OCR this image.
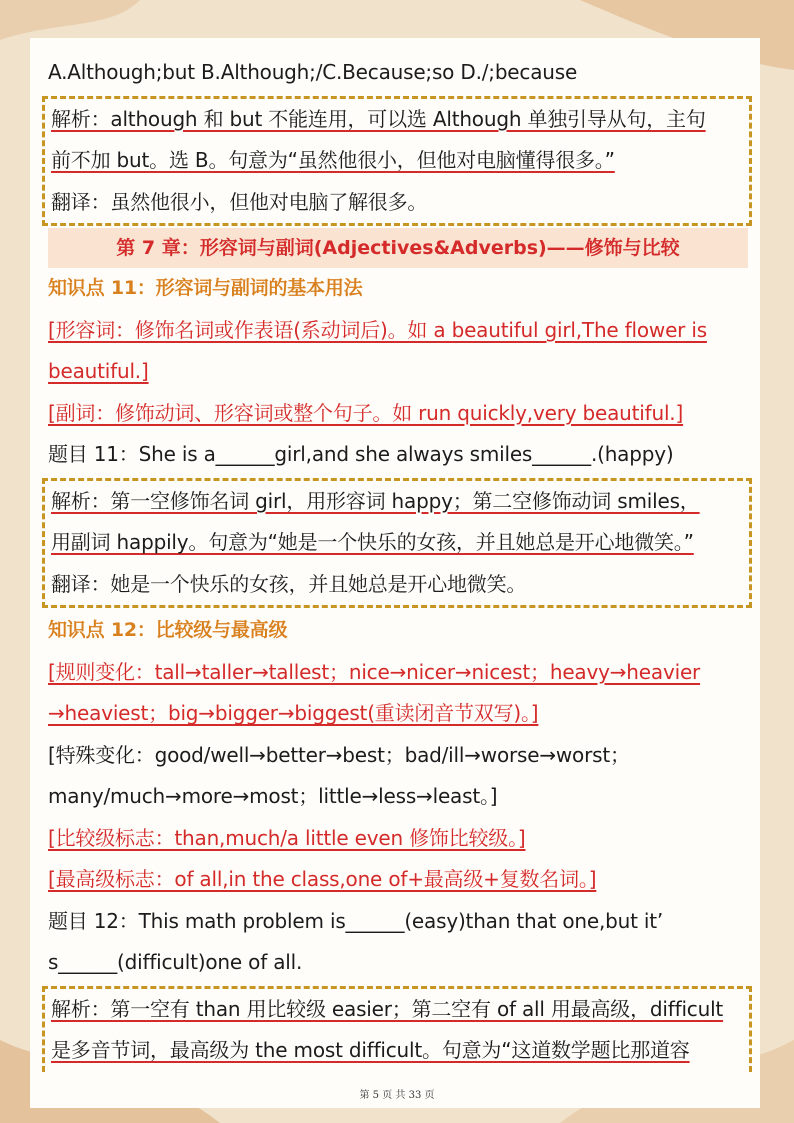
A.Although;but B.Although;/C.Because;so D./;because
解析：although 和 but 不能连用，可以选 Although 单独引导从句，主句
前不加 but。选 B。句意为“虽然他很小，但他对电脑懂得很多。”
翻译：虽然他很小，但他对电脑了解很多。
第 7 章：形容词与副词(Adjectives&Adverbs)——修饰与比较
知识点 11：形容词与副词的基本用法
[形容词：修饰名词或作表语(系动词后)。如 a beautiful girl,The flower is
beautiful.]
[副词：修饰动词、形容词或整个句子。如 run quickly,very beautiful.]
题目 11：She is a______girl,and she always smiles______.(happy)
解析：第一空修饰名词 girl，用形容词 happy；第二空修饰动词 smiles，
用副词 happily。句意为“她是一个快乐的女孩，并且她总是开心地微笑。”
翻译：她是一个快乐的女孩，并且她总是开心地微笑。
知识点 12：比较级与最高级
[规则变化：tall→taller→tallest；nice→nicer→nicest；heavy→heavier
→heaviest；big→bigger→biggest(重读闭音节双写)。]
[特殊变化：good/well→better→best；bad/ill→worse→worst；
many/much→more→most；little→less→least。]
[比较级标志：than,much/a little even 修饰比较级。]
[最高级标志：of all,in the class,one of+最高级+复数名词。]
题目 12：This math problem is______(easy)than that one,but it’
s______(difficult)one of all.
解析：第一空有 than 用比较级 easier；第二空有 of all 用最高级，difficult
是多音节词，最高级为 the most difficult。句意为“这道数学题比那道容
第 5 页 共 33 页
